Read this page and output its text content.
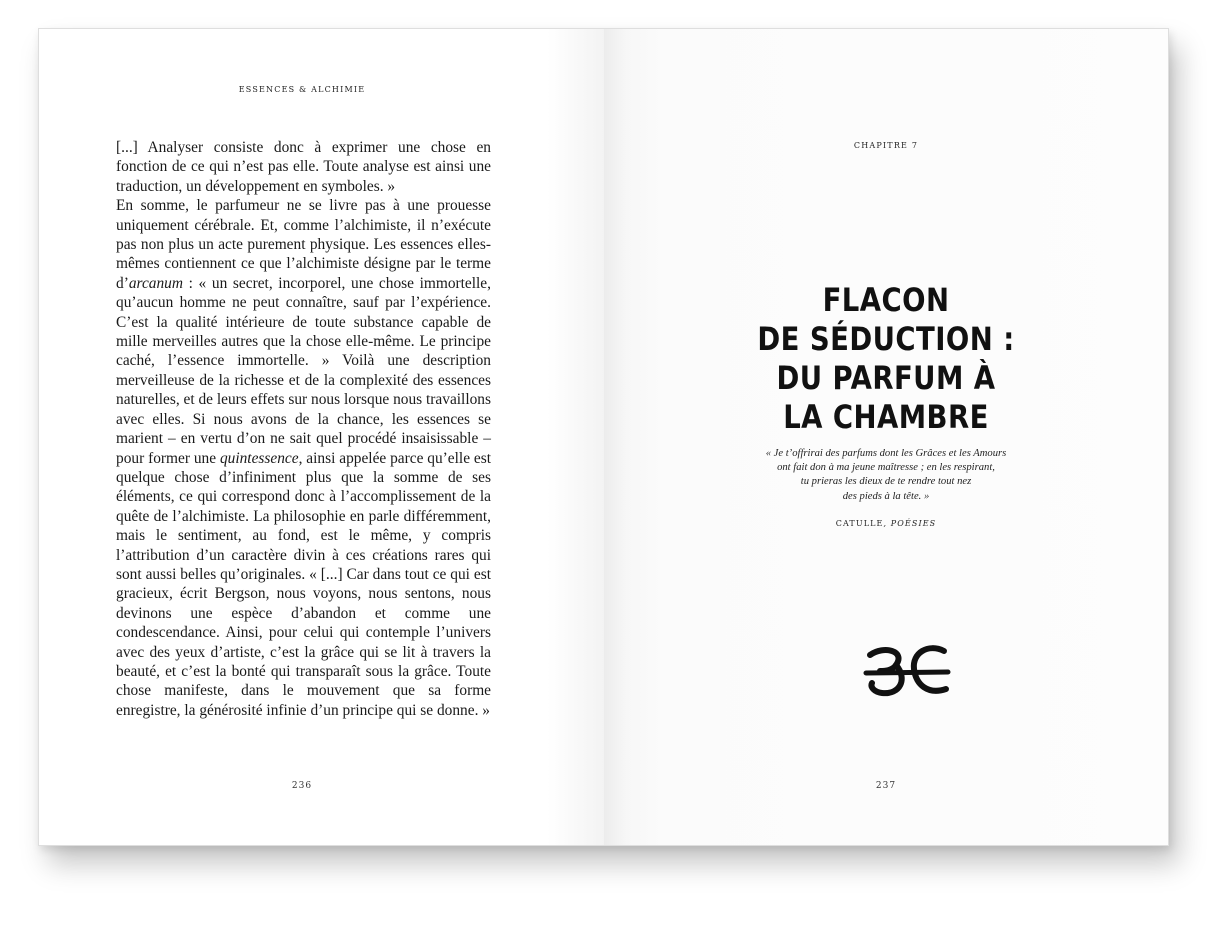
ESSENCES & ALCHIMIE

[...] Analyser consiste donc à exprimer une chose en fonction de ce qui n’est pas elle. Toute analyse est ainsi une traduction, un développement en symboles. »

En somme, le parfumeur ne se livre pas à une prouesse uniquement cérébrale. Et, comme l’alchimiste, il n’exécute pas non plus un acte purement physique. Les essences elles-mêmes contiennent ce que l’alchimiste désigne par le terme d’arcanum : « un secret, incorporel, une chose immortelle, qu’aucun homme ne peut connaître, sauf par l’expérience. C’est la qualité intérieure de toute substance capable de mille merveilles autres que la chose elle-même. Le principe caché, l’essence immortelle. » Voilà une description merveilleuse de la richesse et de la complexité des essences naturelles, et de leurs effets sur nous lorsque nous travaillons avec elles. Si nous avons de la chance, les essences se marient – en vertu d’on ne sait quel procédé insaisissable – pour former une quintessence, ainsi appelée parce qu’elle est quelque chose d’infiniment plus que la somme de ses éléments, ce qui correspond donc à l’accomplissement de la quête de l’alchimiste. La philosophie en parle différemment, mais le sentiment, au fond, est le même, y compris l’attribution d’un caractère divin à ces créations rares qui sont aussi belles qu’originales. « [...] Car dans tout ce qui est gracieux, écrit Bergson, nous voyons, nous sentons, nous devinons une espèce d’abandon et comme une condescendance. Ainsi, pour celui qui contemple l’univers avec des yeux d’artiste, c’est la grâce qui se lit à travers la beauté, et c’est la bonté qui transparaît sous la grâce. Toute chose manifeste, dans le mouvement que sa forme enregistre, la générosité infinie d’un principe qui se donne. »

236
CHAPITRE 7
FLACON
DE SÉDUCTION :
DU PARFUM À
LA CHAMBRE
« Je t’offrirai des parfums dont les Grâces et les Amours
ont fait don à ma jeune maîtresse ; en les respirant,
tu prieras les dieux de te rendre tout nez
des pieds à la tête. »
CATULLE, POÉSIES
237
